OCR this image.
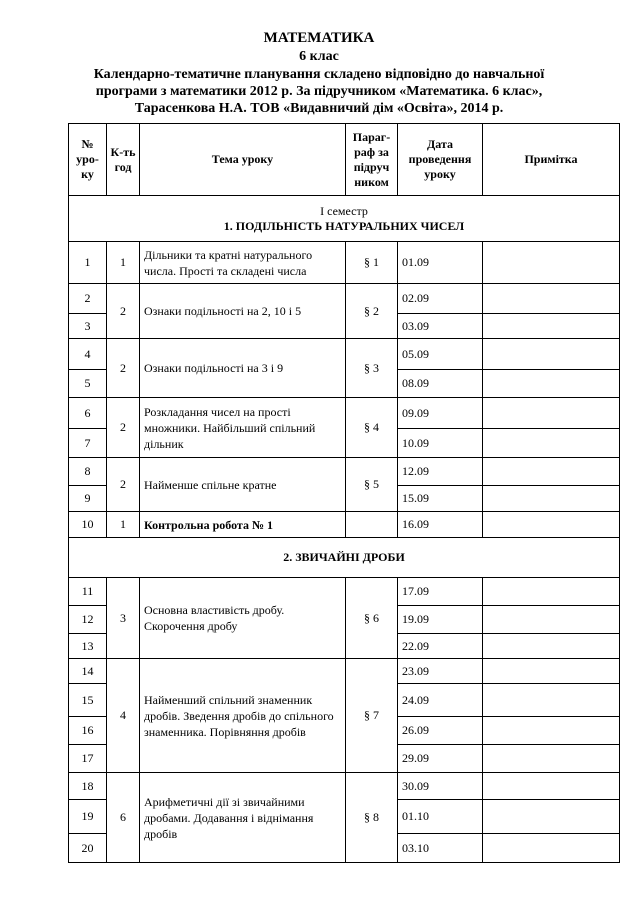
МАТЕМАТИКА
6 клас
Календарно-тематичне планування складено відповідно до навчальної
програми з математики 2012 р. За підручником «Математика. 6 клас»,
Тарасенкова Н.А. ТОВ «Видавничий дім «Освіта», 2014 р.
№ уро-ку	К-ть год	Тема уроку	Параг-раф за підруч ником	Дата проведення уроку	Примітка

І семестр
1. ПОДІЛЬНІСТЬ НАТУРАЛЬНИХ ЧИСЕЛ					

1	1	Дільники та кратні натурального числа. Прості та складені числа	§ 1	01.09	
2	2	Ознаки подільності на 2, 10 і 5	§ 2	02.09	
3				03.09	
4	2	Ознаки подільності на 3 і 9	§ 3	05.09	
5				08.09	
6	2	Розкладання чисел на прості множники. Найбільший спільний дільник	§ 4	09.09	
7				10.09	
8	2	Найменше спільне кратне	§ 5	12.09	
9				15.09	
10	1	Контрольна робота № 1		16.09	

2. ЗВИЧАЙНІ ДРОБИ					

11	3	Основна властивість дробу. Скорочення дробу	§ 6	17.09	
12				19.09	
13				22.09	
14	4	Найменший спільний знаменник дробів. Зведення дробів до спільного знаменника. Порівняння дробів	§ 7	23.09	
15				24.09	
16				26.09	
17				29.09	
18	6	Арифметичні дії зі звичайними дробами. Додавання і віднімання дробів	§ 8	30.09	
19				01.10	
20				03.10	
